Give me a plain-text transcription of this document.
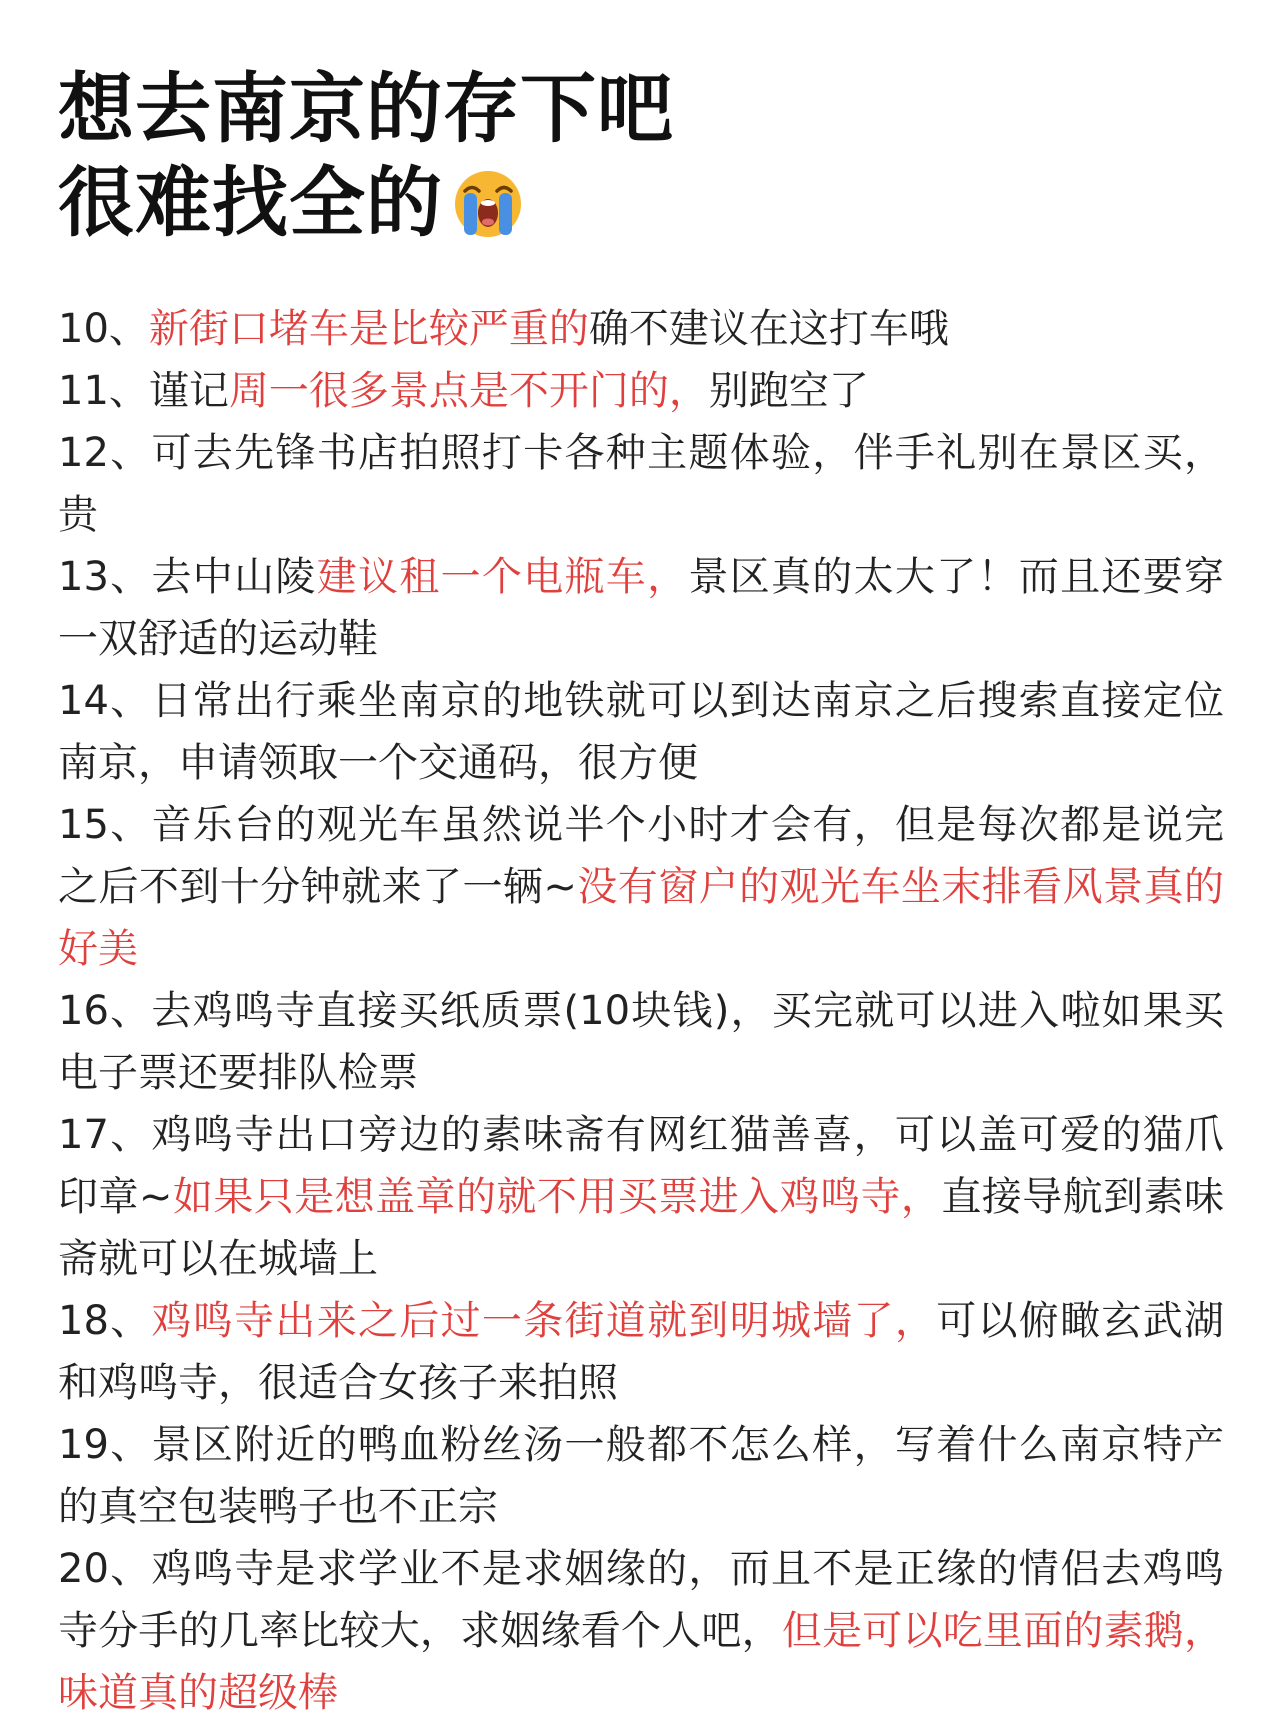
想去南京的存下吧
很难找全的
10、新街口堵车是比较严重的确不建议在这打车哦
11、谨记周一很多景点是不开门的，别跑空了
12、可去先锋书店拍照打卡各种主题体验，伴手礼别在景区买，贵
13、去中山陵建议租一个电瓶车，景区真的太大了！而且还要穿一双舒适的运动鞋
14、日常出行乘坐南京的地铁就可以到达南京之后搜索直接定位南京，申请领取一个交通码，很方便
15、音乐台的观光车虽然说半个小时才会有，但是每次都是说完之后不到十分钟就来了一辆~没有窗户的观光车坐末排看风景真的好美
16、去鸡鸣寺直接买纸质票(10块钱)，买完就可以进入啦如果买电子票还要排队检票
17、鸡鸣寺出口旁边的素味斋有网红猫善喜，可以盖可爱的猫爪印章~如果只是想盖章的就不用买票进入鸡鸣寺，直接导航到素味斋就可以在城墙上
18、鸡鸣寺出来之后过一条街道就到明城墙了，可以俯瞰玄武湖和鸡鸣寺，很适合女孩子来拍照
19、景区附近的鸭血粉丝汤一般都不怎么样，写着什么南京特产的真空包装鸭子也不正宗
20、鸡鸣寺是求学业不是求姻缘的，而且不是正缘的情侣去鸡鸣寺分手的几率比较大，求姻缘看个人吧，但是可以吃里面的素鹅，味道真的超级棒
